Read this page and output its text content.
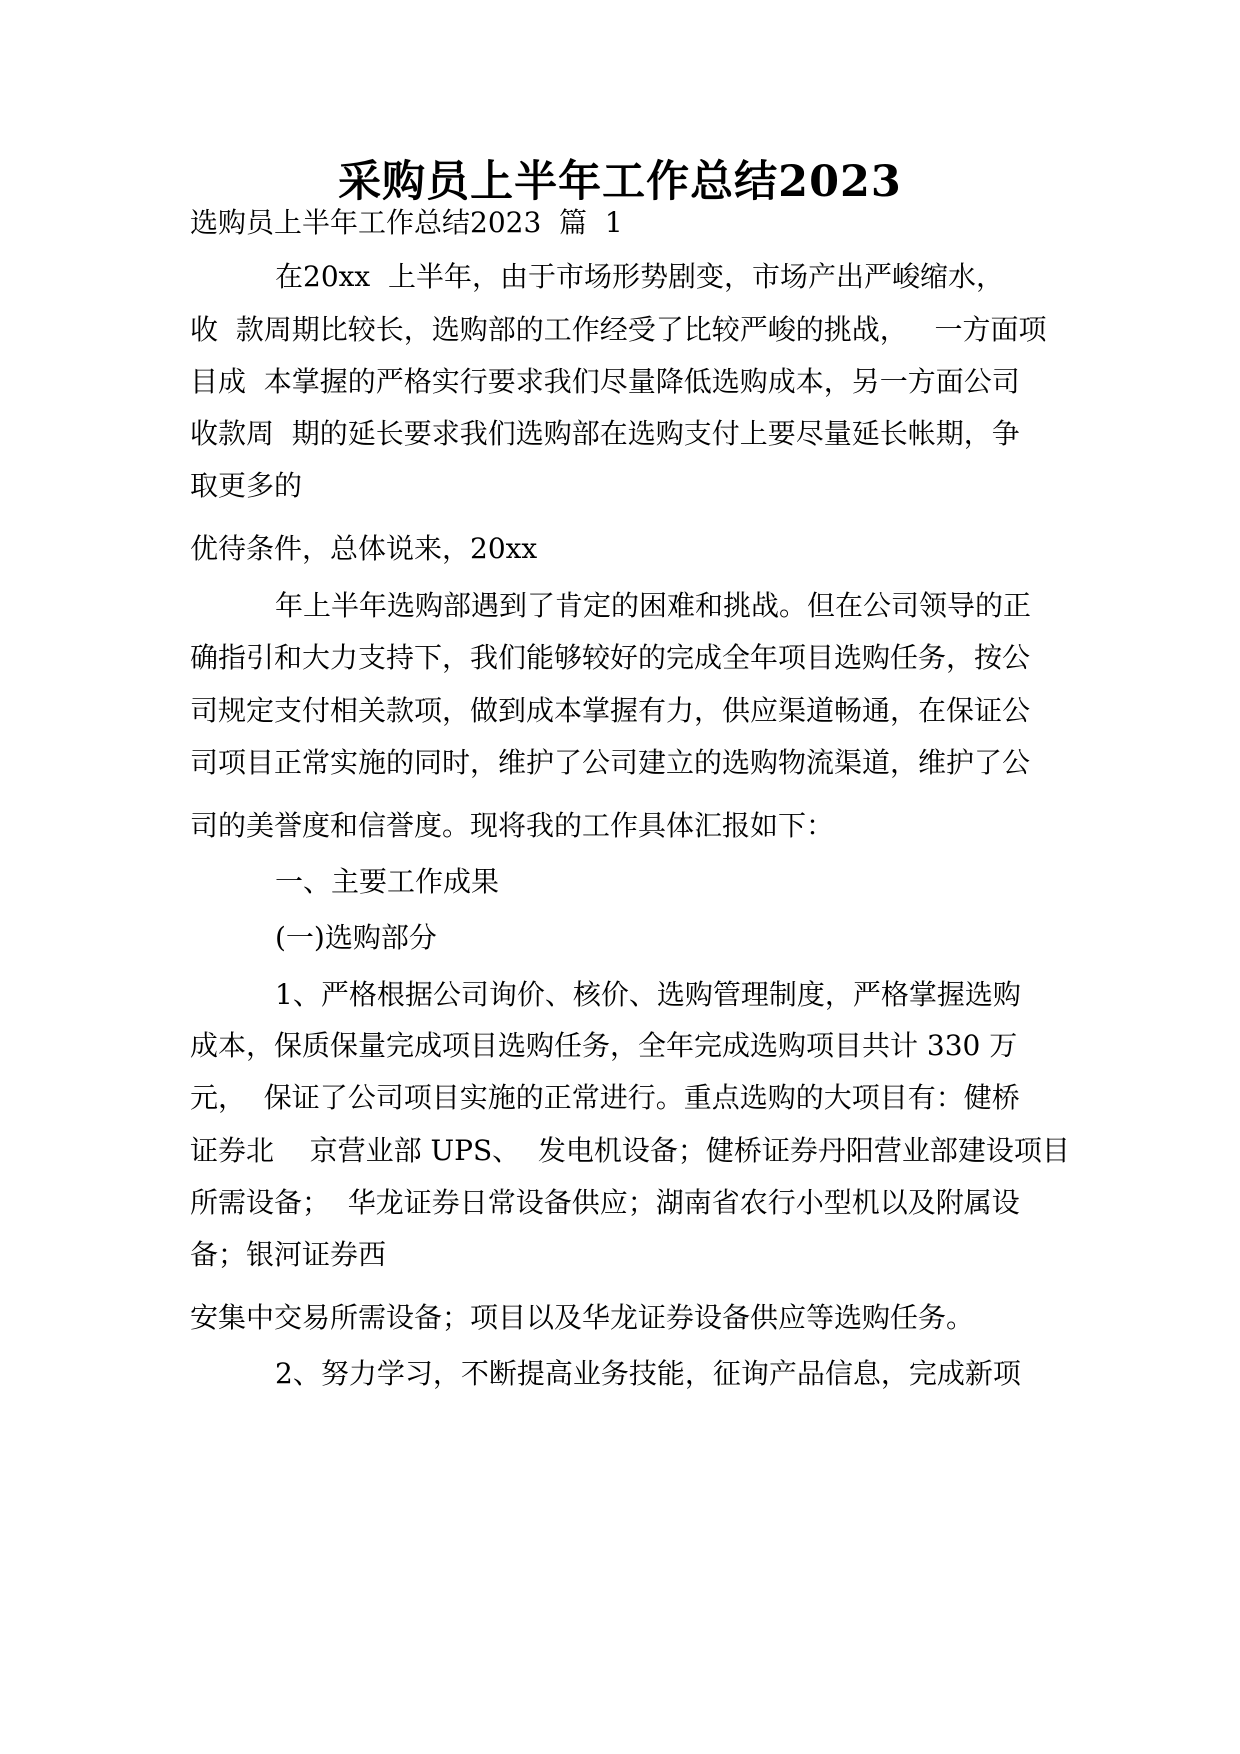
采购员上半年工作总结2023
选购员上半年工作总结2023  篇  1
在20xx  上半年，由于市场形势剧变，市场产出严峻缩水，
收  款周期比较长，选购部的工作经受了比较严峻的挑战，   一方面项
目成  本掌握的严格实行要求我们尽量降低选购成本，另一方面公司
收款周  期的延长要求我们选购部在选购支付上要尽量延长帐期，争
取更多的
优待条件，总体说来，20xx
年上半年选购部遇到了肯定的困难和挑战。但在公司领导的正
确指引和大力支持下，我们能够较好的完成全年项目选购任务，按公
司规定支付相关款项，做到成本掌握有力，供应渠道畅通，在保证公
司项目正常实施的同时，维护了公司建立的选购物流渠道，维护了公
司的美誉度和信誉度。现将我的工作具体汇报如下：
一、主要工作成果
(一)选购部分
1、严格根据公司询价、核价、选购管理制度，严格掌握选购
成本，保质保量完成项目选购任务，全年完成选购项目共计 330 万
元，  保证了公司项目实施的正常进行。重点选购的大项目有：健桥
证券北    京营业部 UPS、  发电机设备；健桥证券丹阳营业部建设项目
所需设备；  华龙证券日常设备供应；湖南省农行小型机以及附属设
备；银河证券西
安集中交易所需设备；项目以及华龙证券设备供应等选购任务。
2、努力学习，不断提高业务技能，征询产品信息，完成新项
